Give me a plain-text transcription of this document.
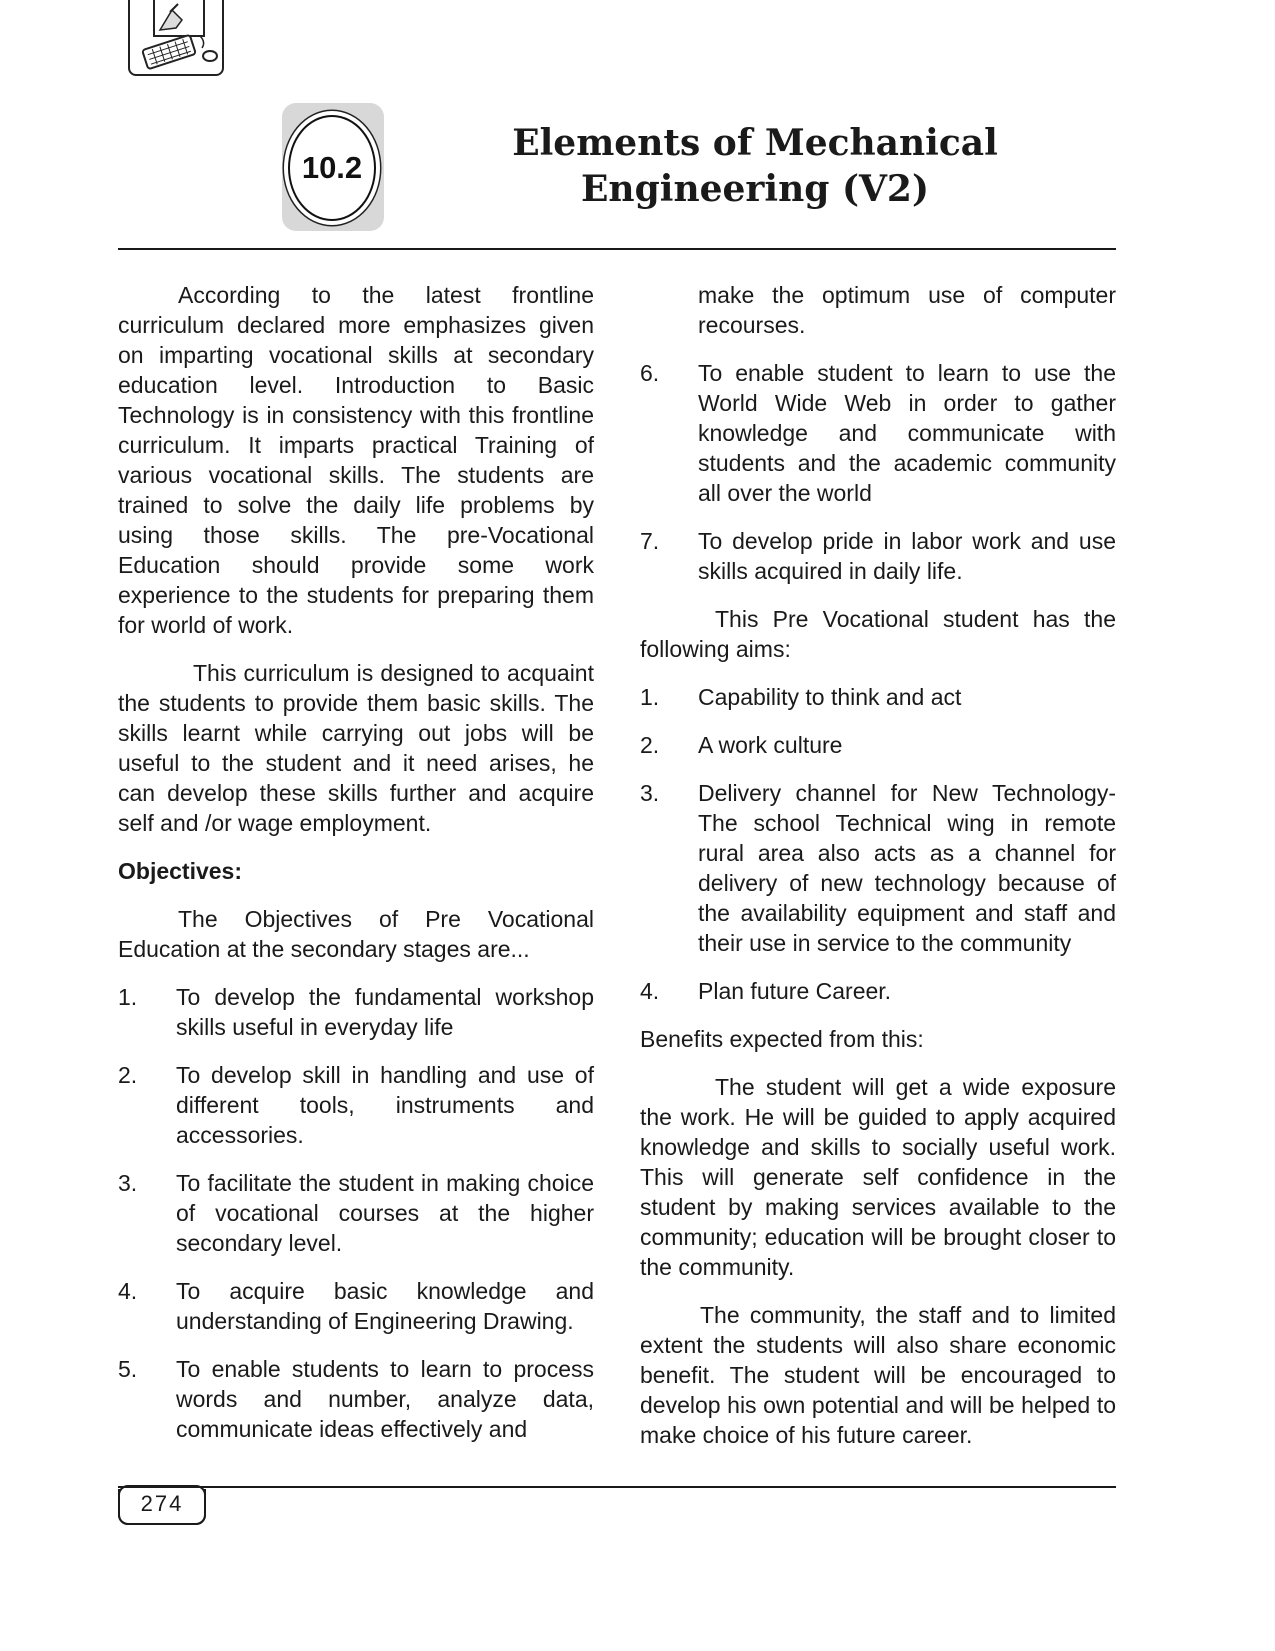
10.2
Elements of Mechanical
Engineering (V2)

According to the latest frontline curriculum declared more emphasizes given on imparting vocational skills at secondary education level. Introduction to Basic Technology is in consistency with this frontline curriculum. It imparts practical Training of various vocational skills. The students are trained to solve the daily life problems by using those skills. The pre-Vocational Education should provide some work experience to the students for preparing them for world of work.

This curriculum is designed to acquaint the students to provide them basic skills. The skills learnt while carrying out jobs will be useful to the student and it need arises, he can develop these skills further and acquire self and /or wage employment.

Objectives:

The Objectives of Pre Vocational Education at the secondary stages are...

1.	To develop the fundamental workshop skills useful in everyday life
2.	To develop skill in handling and use of different tools, instruments and accessories.
3.	To facilitate the student in making choice of vocational courses at the higher secondary level.
4.	To acquire basic knowledge and understanding of Engineering Drawing.
5.	To enable students to learn to process words and number, analyze data, communicate ideas effectively and
make the optimum use of computer recourses.
6.	To enable student to learn to use the World Wide Web in order to gather knowledge and communicate with students and the academic community all over the world
7.	To develop pride in labor work and use skills acquired in daily life.

This Pre Vocational student has the following aims:

1.	Capability to think and act
2.	A work culture
3.	Delivery channel for New Technology- The school Technical wing in remote rural area also acts as a channel for delivery of new technology because of the availability equipment and staff and their use in service to the community
4.	Plan future Career.

Benefits expected from this:

The student will get a wide exposure the work. He will be guided to apply acquired knowledge and skills to socially useful work. This will generate self confidence in the student by making services available to the community; education will be brought closer to the community.

The community, the staff and to limited extent the students will also share economic benefit. The student will be encouraged to develop his own potential and will be helped to make choice of his future career.

274
